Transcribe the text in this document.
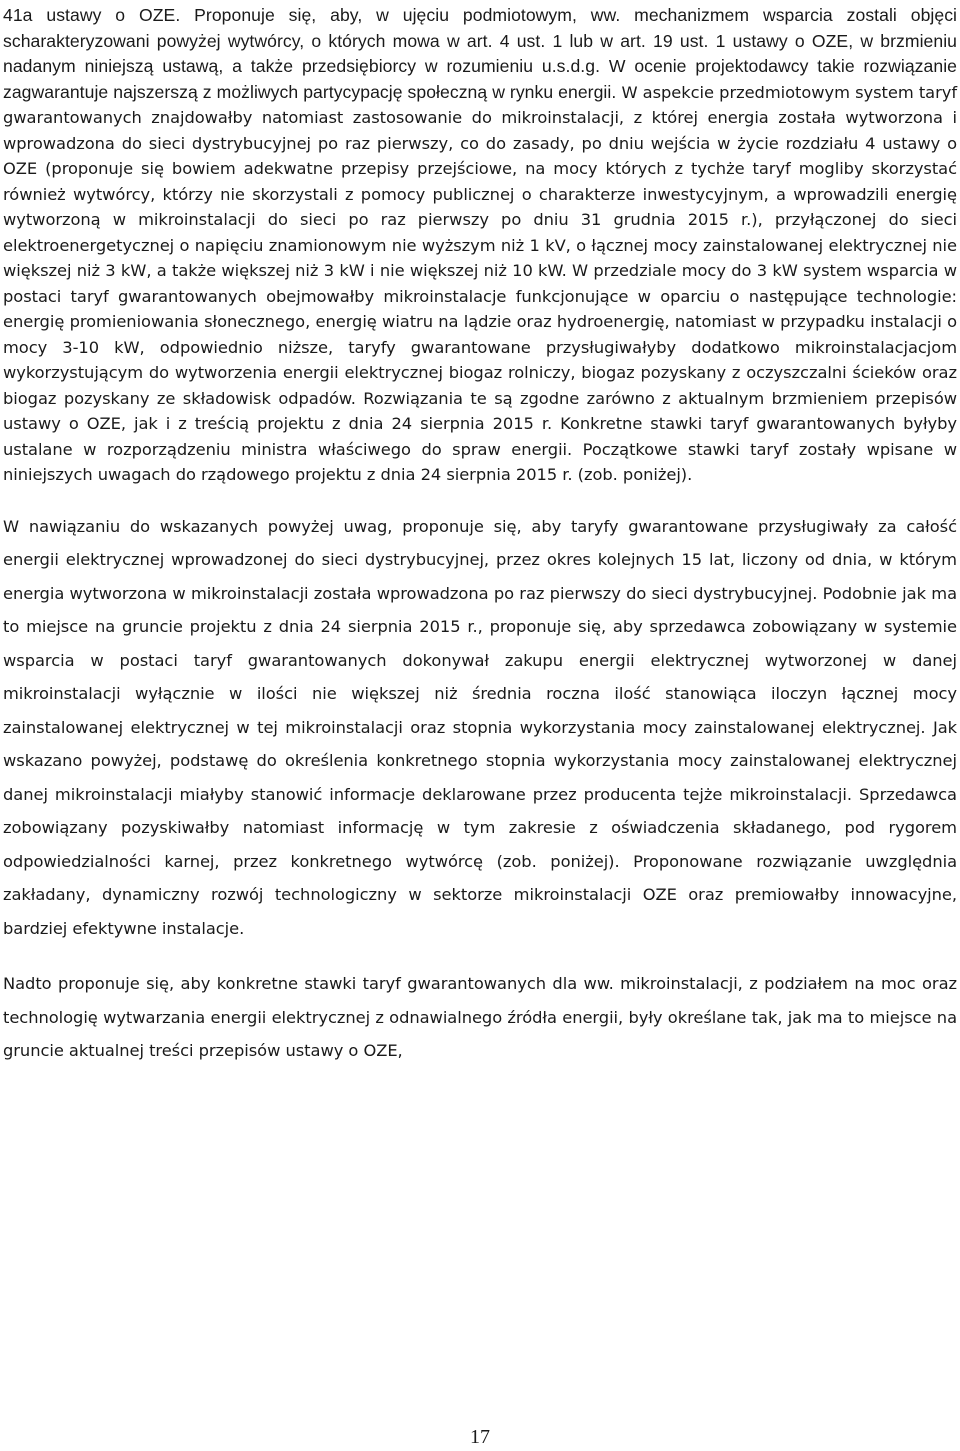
41a ustawy o OZE. Proponuje się, aby, w ujęciu podmiotowym, ww. mechanizmem wsparcia zostali objęci scharakteryzowani powyżej wytwórcy, o których mowa w art. 4 ust. 1 lub w art. 19 ust. 1 ustawy o OZE, w brzmieniu nadanym niniejszą ustawą, a także przedsiębiorcy w rozumieniu u.s.d.g. W ocenie projektodawcy takie rozwiązanie zagwarantuje najszerszą z możliwych partycypację społeczną w rynku energii. W aspekcie przedmiotowym system taryf gwarantowanych znajdowałby natomiast zastosowanie do mikroinstalacji, z której energia została wytworzona i wprowadzona do sieci dystrybucyjnej po raz pierwszy, co do zasady, po dniu wejścia w życie rozdziału 4 ustawy o OZE (proponuje się bowiem adekwatne przepisy przejściowe, na mocy których z tychże taryf mogliby skorzystać również wytwórcy, którzy nie skorzystali z pomocy publicznej o charakterze inwestycyjnym, a wprowadzili energię wytworzoną w mikroinstalacji do sieci po raz pierwszy po dniu 31 grudnia 2015 r.), przyłączonej do sieci elektroenergetycznej o napięciu znamionowym nie wyższym niż 1 kV, o łącznej mocy zainstalowanej elektrycznej nie większej niż 3 kW, a także większej niż 3 kW i nie większej niż 10 kW. W przedziale mocy do 3 kW system wsparcia w postaci taryf gwarantowanych obejmowałby mikroinstalacje funkcjonujące w oparciu o następujące technologie: energię promieniowania słonecznego, energię wiatru na lądzie oraz hydroenergię, natomiast w przypadku instalacji o mocy 3-10 kW, odpowiednio niższe, taryfy gwarantowane przysługiwałyby dodatkowo mikroinstalacjacjom wykorzystującym do wytworzenia energii elektrycznej biogaz rolniczy, biogaz pozyskany z oczyszczalni ścieków oraz biogaz pozyskany ze składowisk odpadów. Rozwiązania te są zgodne zarówno z aktualnym brzmieniem przepisów ustawy o OZE, jak i z treścią projektu z dnia 24 sierpnia 2015 r. Konkretne stawki taryf gwarantowanych byłyby ustalane w rozporządzeniu ministra właściwego do spraw energii. Początkowe stawki taryf zostały wpisane w niniejszych uwagach do rządowego projektu z dnia 24 sierpnia 2015 r. (zob. poniżej).

W nawiązaniu do wskazanych powyżej uwag, proponuje się, aby taryfy gwarantowane przysługiwały za całość energii elektrycznej wprowadzonej do sieci dystrybucyjnej, przez okres kolejnych 15 lat, liczony od dnia, w którym energia wytworzona w mikroinstalacji została wprowadzona po raz pierwszy do sieci dystrybucyjnej. Podobnie jak ma to miejsce na gruncie projektu z dnia 24 sierpnia 2015 r., proponuje się, aby sprzedawca zobowiązany w systemie wsparcia w postaci taryf gwarantowanych dokonywał zakupu energii elektrycznej wytworzonej w danej mikroinstalacji wyłącznie w ilości nie większej niż średnia roczna ilość stanowiąca iloczyn łącznej mocy zainstalowanej elektrycznej w tej mikroinstalacji oraz stopnia wykorzystania mocy zainstalowanej elektrycznej. Jak wskazano powyżej, podstawę do określenia konkretnego stopnia wykorzystania mocy zainstalowanej elektrycznej danej mikroinstalacji miałyby stanowić informacje deklarowane przez producenta tejże mikroinstalacji. Sprzedawca zobowiązany pozyskiwałby natomiast informację w tym zakresie z oświadczenia składanego, pod rygorem odpowiedzialności karnej, przez konkretnego wytwórcę (zob. poniżej). Proponowane rozwiązanie uwzględnia zakładany, dynamiczny rozwój technologiczny w sektorze mikroinstalacji OZE oraz premiowałby innowacyjne, bardziej efektywne instalacje.

Nadto proponuje się, aby konkretne stawki taryf gwarantowanych dla ww. mikroinstalacji, z podziałem na moc oraz technologię wytwarzania energii elektrycznej z odnawialnego źródła energii, były określane tak, jak ma to miejsce na gruncie aktualnej treści przepisów ustawy o OZE,

17
